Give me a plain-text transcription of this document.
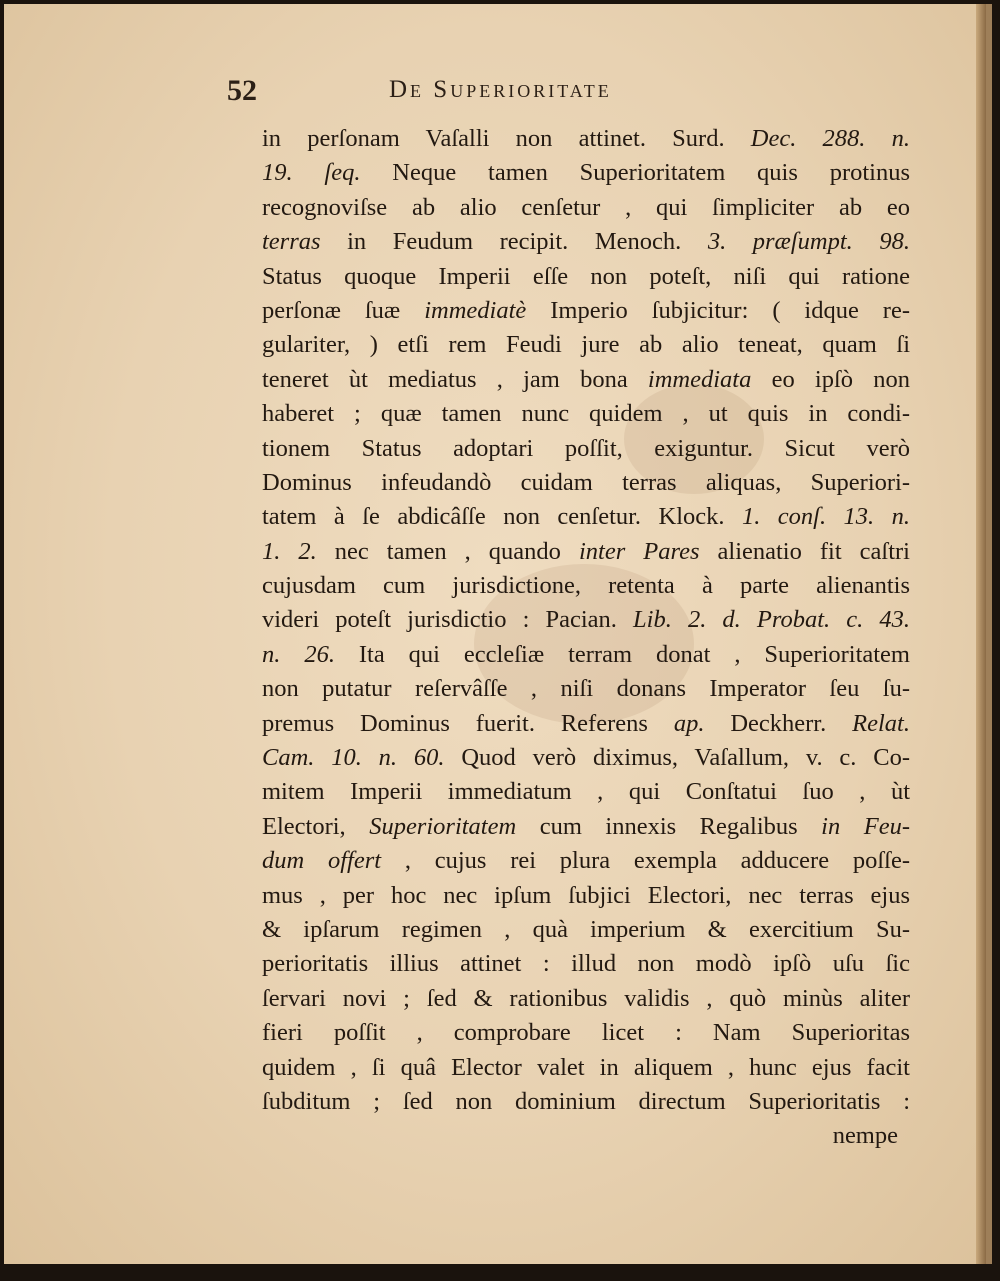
52	De Superioritate
in perſonam Vaſalli non attinet. Surd. Dec. 288. n.
19. ſeq. Neque tamen Superioritatem quis protinus
recognoviſse ab alio cenſetur , qui ſimpliciter ab eo
terras in Feudum recipit. Menoch. 3. præſumpt. 98.
Status quoque Imperii eſſe non poteſt, niſi qui ratione
perſonæ ſuæ immediatè Imperio ſubjicitur: ( idque re-
gulariter, ) etſi rem Feudi jure ab alio teneat, quam ſi
teneret ùt mediatus , jam bona immediata eo ipſò non
haberet ; quæ tamen nunc quidem , ut quis in condi-
tionem Status adoptari poſſit, exiguntur. Sicut verò
Dominus infeudandò cuidam terras aliquas, Superiori-
tatem à ſe abdicâſſe non cenſetur. Klock. 1. conſ. 13. n.
1. 2. nec tamen , quando inter Pares alienatio fit caſtri
cujusdam cum jurisdictione, retenta à parte alienantis
videri poteſt jurisdictio : Pacian. Lib. 2. d. Probat. c. 43.
n. 26. Ita qui eccleſiæ terram donat , Superioritatem
non putatur reſervâſſe , niſi donans Imperator ſeu ſu-
premus Dominus fuerit. Referens ap. Deckherr. Relat.
Cam. 10. n. 60. Quod verò diximus, Vaſallum, v. c. Co-
mitem Imperii immediatum , qui Conſtatui ſuo , ùt
Electori, Superioritatem cum innexis Regalibus in Feu-
dum offert , cujus rei plura exempla adducere poſſe-
mus , per hoc nec ipſum ſubjici Electori, nec terras ejus
& ipſarum regimen , quà imperium & exercitium Su-
perioritatis illius attinet : illud non modò ipſò uſu ſic
ſervari novi ; ſed & rationibus validis , quò minùs aliter
fieri poſſit , comprobare licet : Nam Superioritas
quidem , ſi quâ Elector valet in aliquem , hunc ejus facit
ſubditum ; ſed non dominium directum Superioritatis :
nempe
